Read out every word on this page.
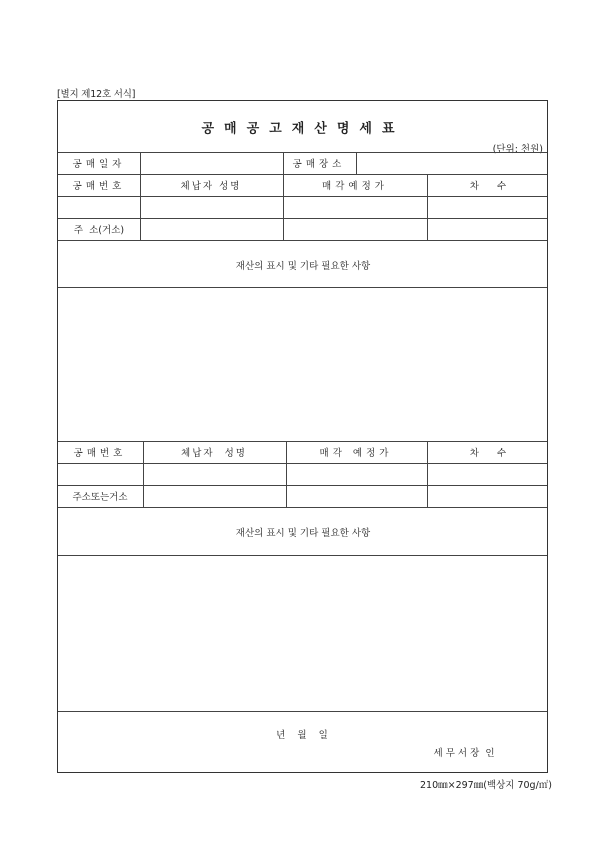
[별지 제12호 서식]
공매공고재산명세표
(단위: 천원)
공매일자	공매장소
공매번호	체납자 성명	매각예정가	차      수
주  소(거소)
재산의 표시 및 기타 필요한 사항
공매번호	체납자  성명	매각 예정가	차      수
주소또는거소
재산의 표시 및 기타 필요한 사항
년    월    일
세 무 서 장  인
210㎜×297㎜(백상지 70g/㎡)
